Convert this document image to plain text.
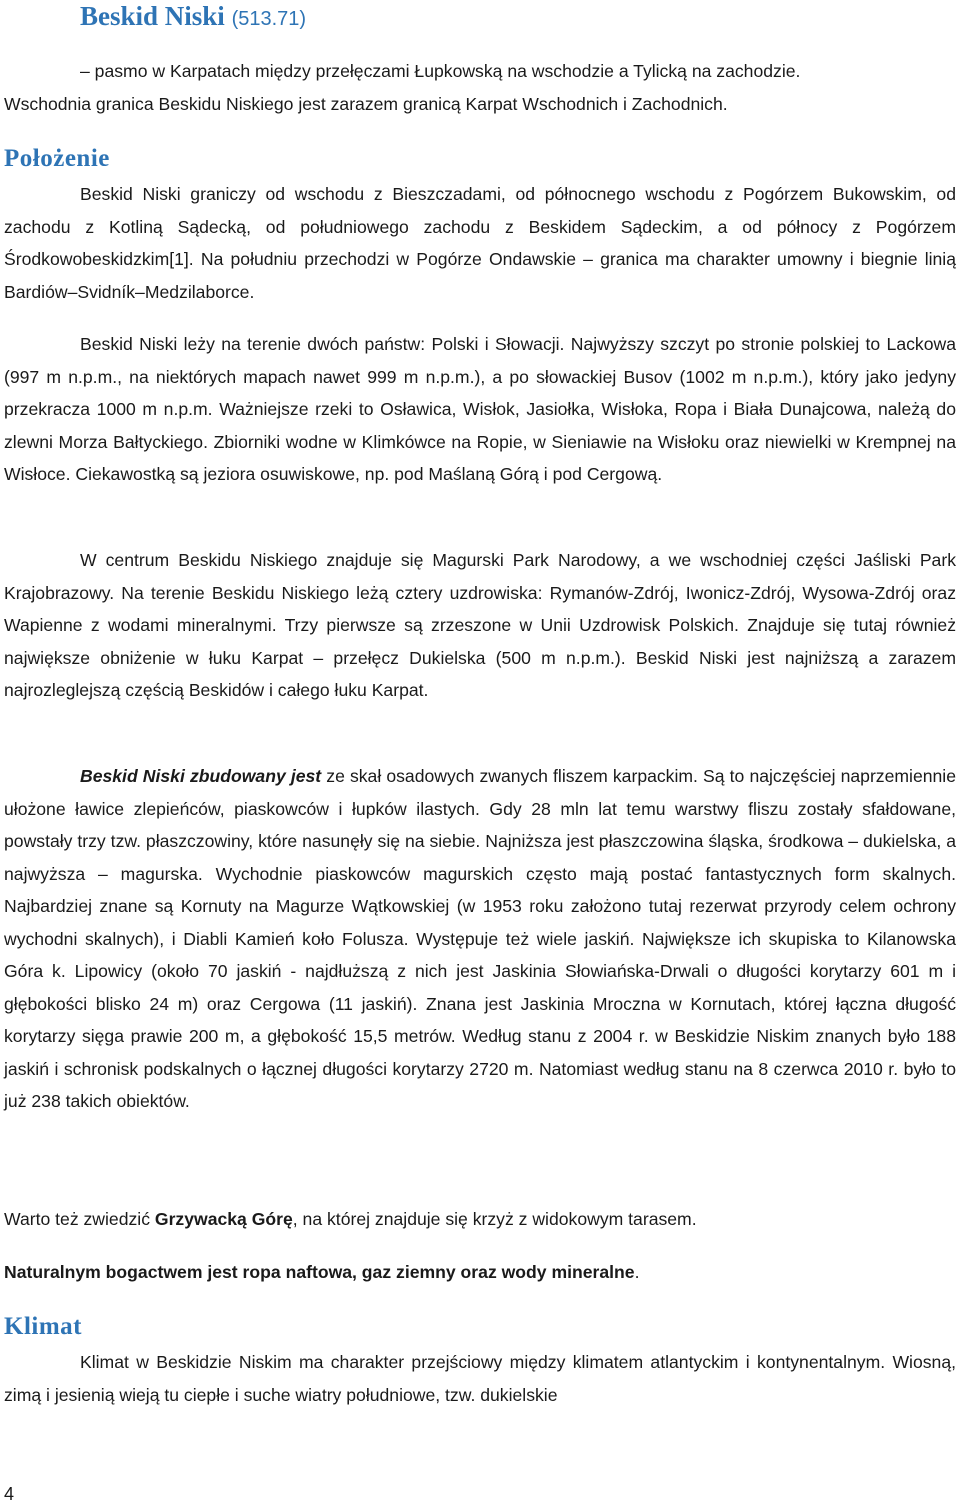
Beskid Niski (513.71)
– pasmo w Karpatach między przełęczami Łupkowską na wschodzie a Tylicką na zachodzie.
Wschodnia granica Beskidu Niskiego jest zarazem granicą Karpat Wschodnich i Zachodnich.
Położenie
Beskid Niski graniczy od wschodu z Bieszczadami, od północnego wschodu z Pogórzem Bukowskim, od zachodu z Kotliną Sądecką, od południowego zachodu z Beskidem Sądeckim, a od północy z Pogórzem Środkowobeskidzkim[1]. Na południu przechodzi w Pogórze Ondawskie – granica ma charakter umowny i biegnie linią Bardiów–Svidník–Medzilaborce.
Beskid Niski leży na terenie dwóch państw: Polski i Słowacji. Najwyższy szczyt po stronie polskiej to Lackowa (997 m n.p.m., na niektórych mapach nawet 999 m n.p.m.), a po słowackiej Busov (1002 m n.p.m.), który jako jedyny przekracza 1000 m n.p.m. Ważniejsze rzeki to Osławica, Wisłok, Jasiołka, Wisłoka, Ropa i Biała Dunajcowa, należą do zlewni Morza Bałtyckiego. Zbiorniki wodne w Klimkówce na Ropie, w Sieniawie na Wisłoku oraz niewielki w Krempnej na Wisłoce. Ciekawostką są jeziora osuwiskowe, np. pod Maślaną Górą i pod Cergową.
W centrum Beskidu Niskiego znajduje się Magurski Park Narodowy, a we wschodniej części Jaśliski Park Krajobrazowy. Na terenie Beskidu Niskiego leżą cztery uzdrowiska: Rymanów-Zdrój, Iwonicz-Zdrój, Wysowa-Zdrój oraz Wapienne z wodami mineralnymi. Trzy pierwsze są zrzeszone w Unii Uzdrowisk Polskich. Znajduje się tutaj również największe obniżenie w łuku Karpat – przełęcz Dukielska (500 m n.p.m.). Beskid Niski jest najniższą a zarazem najrozleglejszą częścią Beskidów i całego łuku Karpat.
Beskid Niski zbudowany jest ze skał osadowych zwanych fliszem karpackim. Są to najczęściej naprzemiennie ułożone ławice zlepieńców, piaskowców i łupków ilastych. Gdy 28 mln lat temu warstwy fliszu zostały sfałdowane, powstały trzy tzw. płaszczowiny, które nasunęły się na siebie. Najniższa jest płaszczowina śląska, środkowa – dukielska, a najwyższa – magurska. Wychodnie piaskowców magurskich często mają postać fantastycznych form skalnych. Najbardziej znane są Kornuty na Magurze Wątkowskiej (w 1953 roku założono tutaj rezerwat przyrody celem ochrony wychodni skalnych), i Diabli Kamień koło Folusza. Występuje też wiele jaskiń. Największe ich skupiska to Kilanowska Góra k. Lipowicy (około 70 jaskiń - najdłuższą z nich jest Jaskinia Słowiańska-Drwali o długości korytarzy 601 m i głębokości blisko 24 m) oraz Cergowa (11 jaskiń). Znana jest Jaskinia Mroczna w Kornutach, której łączna długość korytarzy sięga prawie 200 m, a głębokość 15,5 metrów. Według stanu z 2004 r. w Beskidzie Niskim znanych było 188 jaskiń i schronisk podskalnych o łącznej długości korytarzy 2720 m. Natomiast według stanu na 8 czerwca 2010 r. było to już 238 takich obiektów.
Warto też zwiedzić Grzywacką Górę, na której znajduje się krzyż z widokowym tarasem.
Naturalnym bogactwem jest ropa naftowa, gaz ziemny oraz wody mineralne.
Klimat
Klimat w Beskidzie Niskim ma charakter przejściowy między klimatem atlantyckim i kontynentalnym. Wiosną, zimą i jesienią wieją tu ciepłe i suche wiatry południowe, tzw. dukielskie
4
